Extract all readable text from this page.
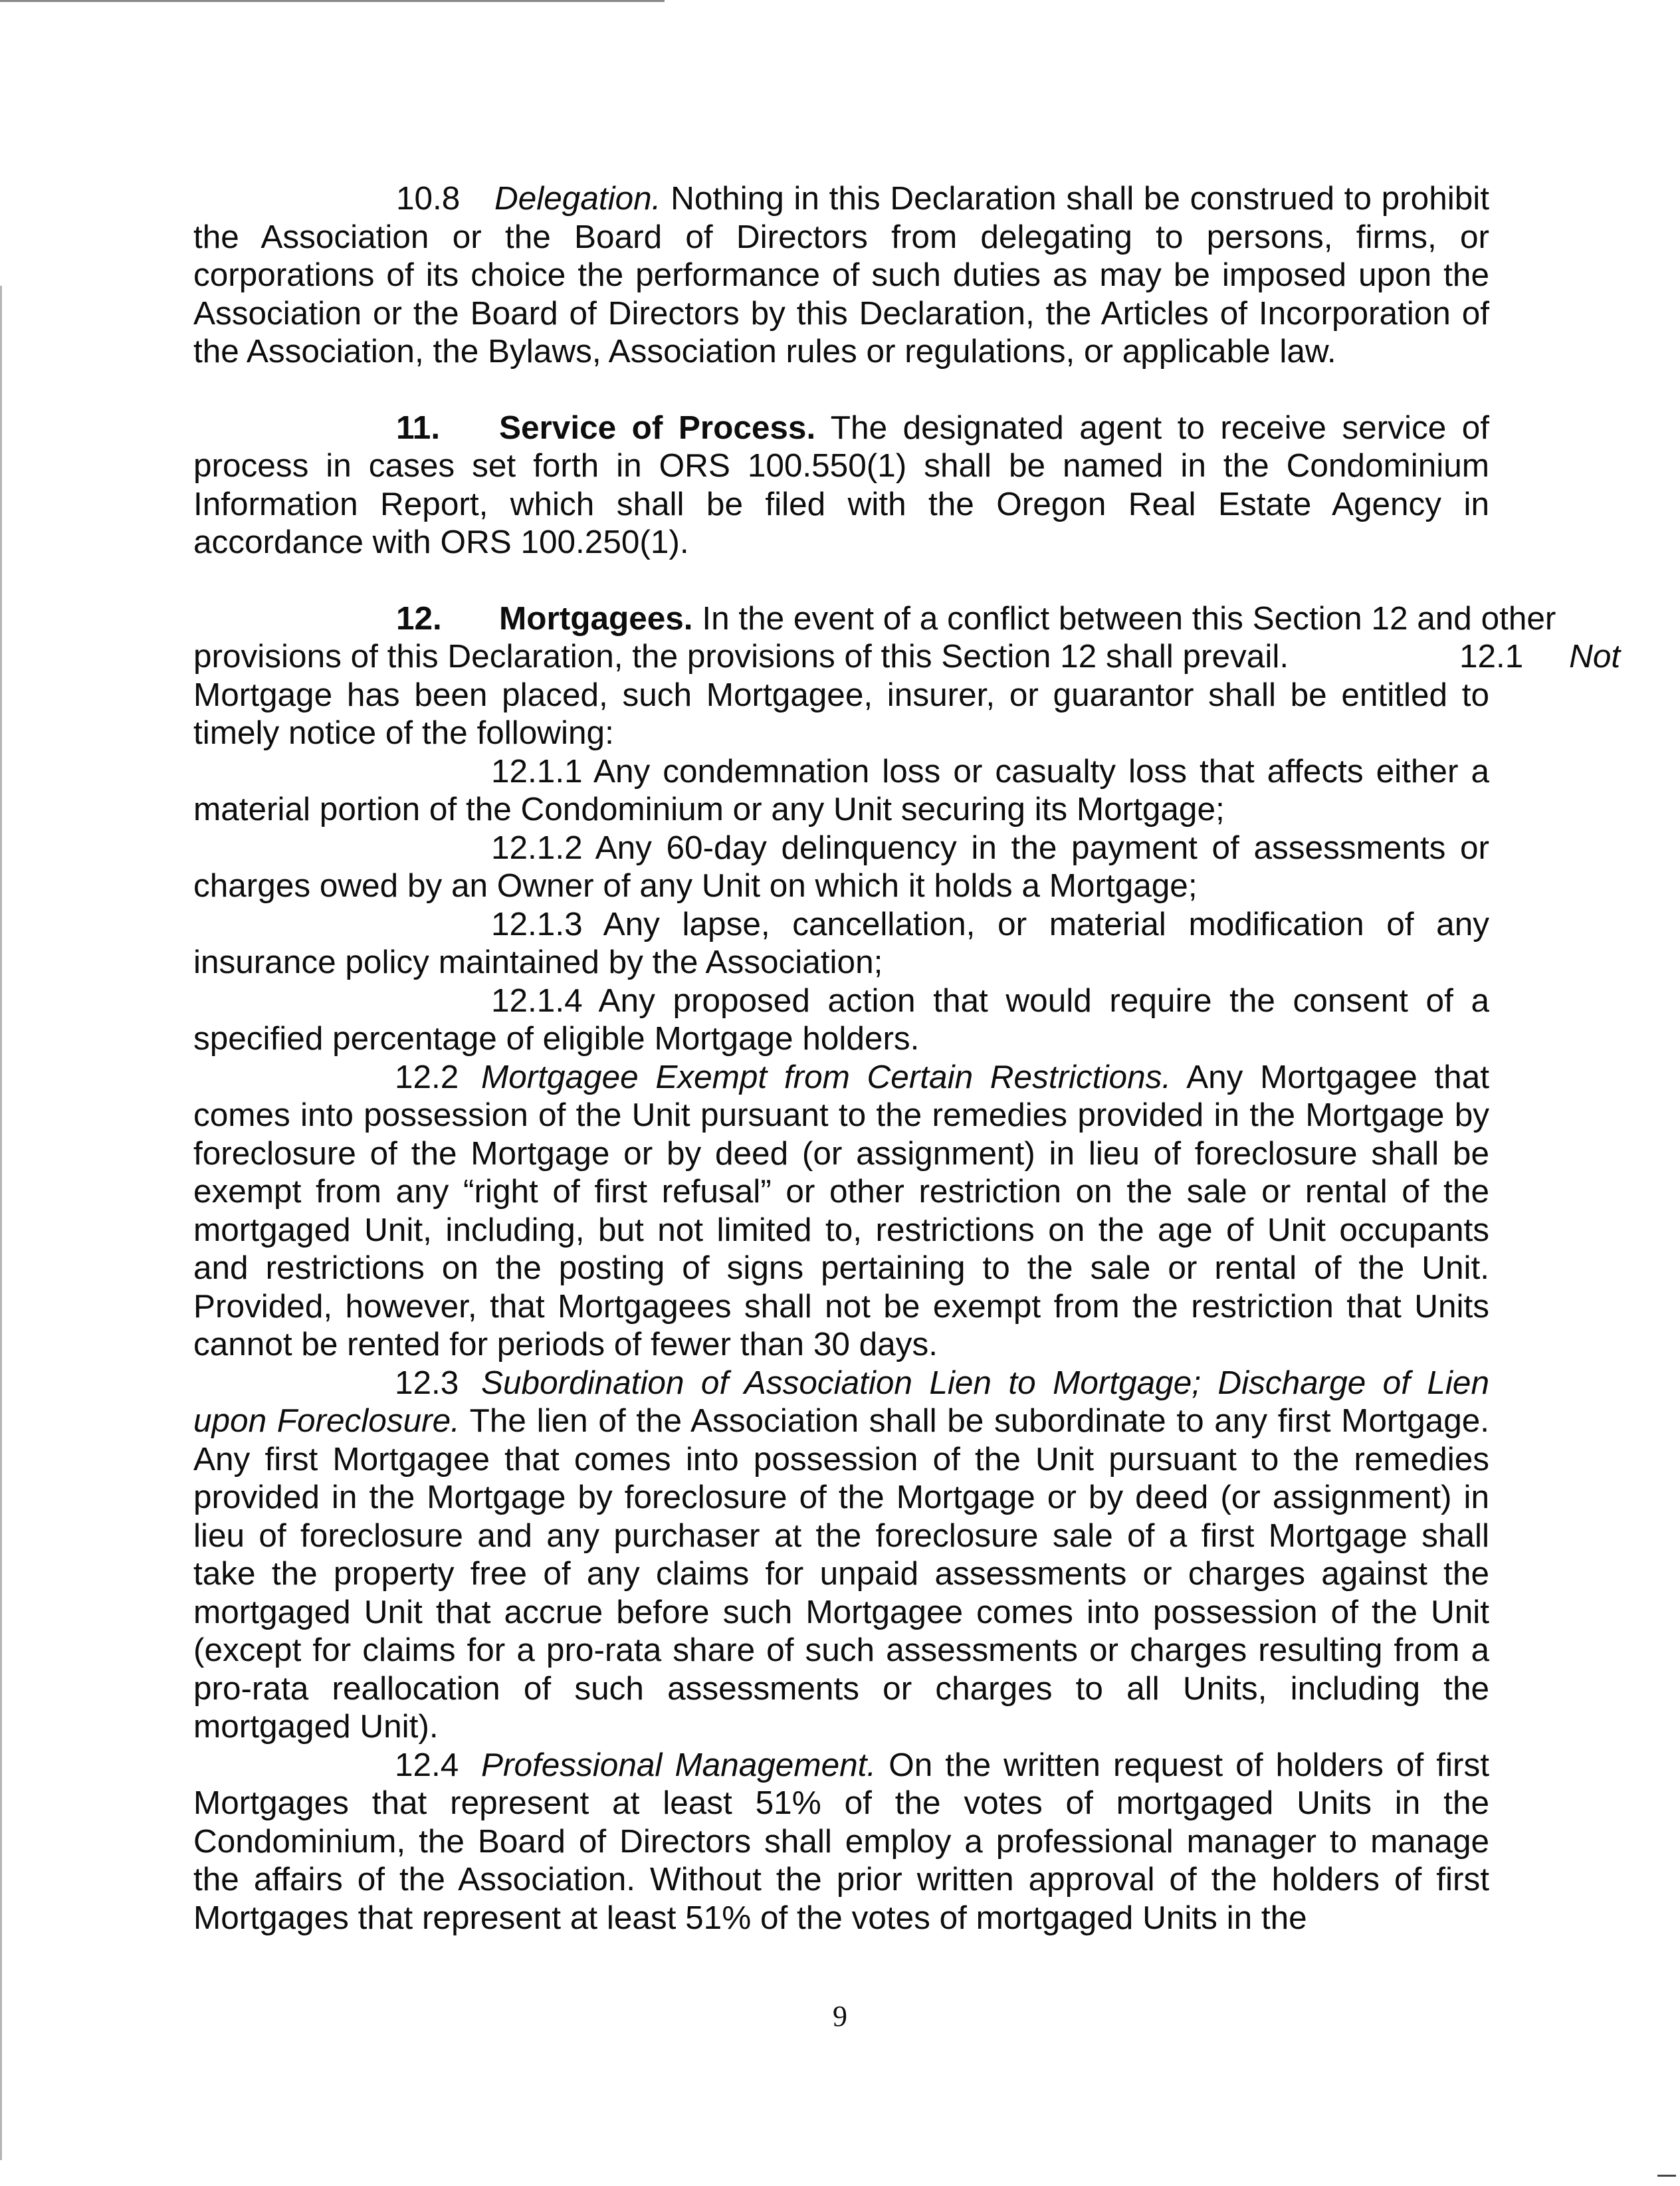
10.8 Delegation. Nothing in this Declaration shall be construed to prohibit the Association or the Board of Directors from delegating to persons, firms, or corporations of its choice the performance of such duties as may be imposed upon the Association or the Board of Directors by this Declaration, the Articles of Incorporation of the Association, the Bylaws, Association rules or regulations, or applicable law.

11. Service of Process. The designated agent to receive service of process in cases set forth in ORS 100.550(1) shall be named in the Condominium Information Report, which shall be filed with the Oregon Real Estate Agency in accordance with ORS 100.250(1).

12. Mortgagees. In the event of a conflict between this Section 12 and other
provisions of this Declaration, the provisions of this Section 12 shall prevail.	12.1 Not

Mortgage has been placed, such Mortgagee, insurer, or guarantor shall be entitled to timely notice of the following:

12.1.1 Any condemnation loss or casualty loss that affects either a material portion of the Condominium or any Unit securing its Mortgage;

12.1.2 Any 60-day delinquency in the payment of assessments or charges owed by an Owner of any Unit on which it holds a Mortgage;

12.1.3 Any lapse, cancellation, or material modification of any insurance policy maintained by the Association;

12.1.4 Any proposed action that would require the consent of a specified percentage of eligible Mortgage holders.

12.2 Mortgagee Exempt from Certain Restrictions. Any Mortgagee that comes into possession of the Unit pursuant to the remedies provided in the Mortgage by foreclosure of the Mortgage or by deed (or assignment) in lieu of foreclosure shall be exempt from any “right of first refusal” or other restriction on the sale or rental of the mortgaged Unit, including, but not limited to, restrictions on the age of Unit occupants and restrictions on the posting of signs pertaining to the sale or rental of the Unit. Provided, however, that Mortgagees shall not be exempt from the restriction that Units cannot be rented for periods of fewer than 30 days.

12.3 Subordination of Association Lien to Mortgage; Discharge of Lien upon Foreclosure. The lien of the Association shall be subordinate to any first Mortgage. Any first Mortgagee that comes into possession of the Unit pursuant to the remedies provided in the Mortgage by foreclosure of the Mortgage or by deed (or assignment) in lieu of foreclosure and any purchaser at the foreclosure sale of a first Mortgage shall take the property free of any claims for unpaid assessments or charges against the mortgaged Unit that accrue before such Mortgagee comes into possession of the Unit (except for claims for a pro-rata share of such assessments or charges resulting from a pro-rata reallocation of such assessments or charges to all Units, including the mortgaged Unit).

12.4 Professional Management. On the written request of holders of first Mortgages that represent at least 51% of the votes of mortgaged Units in the Condominium, the Board of Directors shall employ a professional manager to manage the affairs of the Association. Without the prior written approval of the holders of first Mortgages that represent at least 51% of the votes of mortgaged Units in the

9
